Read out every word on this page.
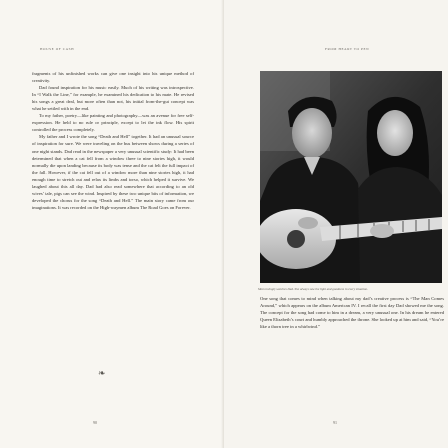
HOUSE OF CASH

fragments of his unfinished works can give one insight into his unique method of creativity.

Dad found inspiration for his music easily. Much of his writing was introspective. In “I Walk the Line,” for example, he examined his dedication to his mate. He revised his songs a great deal, but more often than not, his initial from-the-gut concept was what he settled with in the end.

To my father, poetry—like painting and photography—was an avenue for free self-expression. He held to no rule or principle, except to let the ink flow. His spirit controlled the process completely.

My father and I wrote the song “Death and Hell” together. It had an unusual source of inspiration for sure. We were traveling on the bus between shows during a series of one night stands. Dad read in the newspaper a very unusual scientific study: It had been determined that when a cat fell from a window three to nine stories high, it would normally die upon landing because its body was tense and the cat felt the full impact of the fall. However, if the cat fell out of a window more than nine stories high, it had enough time to stretch out and relax its limbs and torso, which helped it survive. We laughed about this all day. Dad had also read somewhere that according to an old wives’ tale, pigs can see the wind. Inspired by these two unique bits of information, we developed the chorus for the song “Death and Hell.” The main story came from our imaginations. It was recorded on the High-waymen album The Road Goes on Forever.

❧
90
FROM HEART TO PEN
91
Mom lovingly watches Dad. She always saw the light and goodness in every situation.

One song that comes to mind when talking about my dad’s creative process is “The Man Comes Around,” which appears on the album American IV. I recall the first day Dad showed me the song. The concept for the song had come to him in a dream, a very unusual one. In his dream he entered Queen Elizabeth’s court and humbly approached the throne. She looked up at him and said, “You’re like a thorn tree in a whirlwind.”
